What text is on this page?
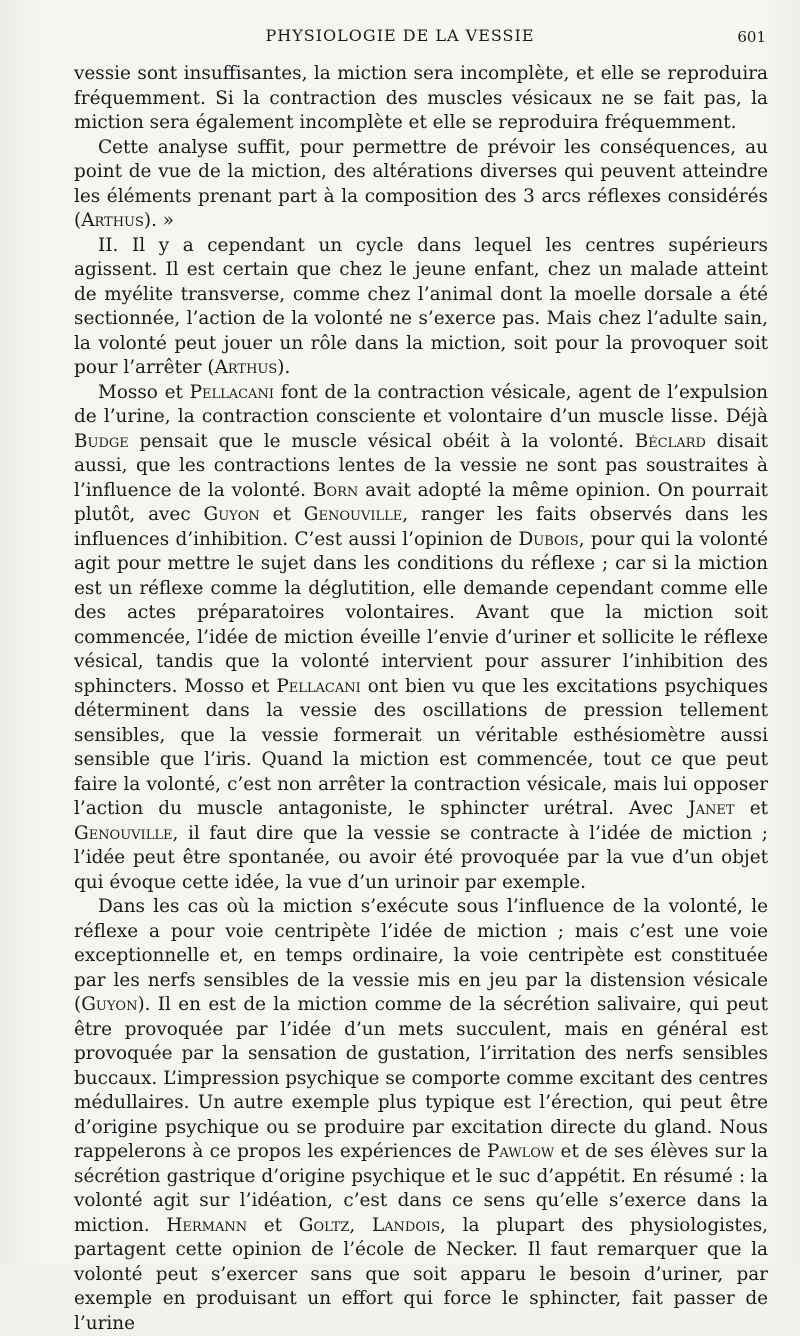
PHYSIOLOGIE DE LA VESSIE	601

vessie sont insuffisantes, la miction sera incomplète, et elle se reproduira fréquemment. Si la contraction des muscles vésicaux ne se fait pas, la miction sera également incomplète et elle se reproduira fréquemment.

Cette analyse suffit, pour permettre de prévoir les conséquences, au point de vue de la miction, des altérations diverses qui peuvent atteindre les éléments prenant part à la composition des 3 arcs réflexes considérés (Arthus). »

II. Il y a cependant un cycle dans lequel les centres supérieurs agissent. Il est certain que chez le jeune enfant, chez un malade atteint de myélite transverse, comme chez l’animal dont la moelle dorsale a été sectionnée, l’action de la volonté ne s’exerce pas. Mais chez l’adulte sain, la volonté peut jouer un rôle dans la miction, soit pour la provoquer soit pour l’arrêter (Arthus).

Mosso et Pellacani font de la contraction vésicale, agent de l’expulsion de l’urine, la contraction consciente et volontaire d’un muscle lisse. Déjà Budge pensait que le muscle vésical obéit à la volonté. Béclard disait aussi, que les contractions lentes de la vessie ne sont pas soustraites à l’influence de la volonté. Born avait adopté la même opinion. On pourrait plutôt, avec Guyon et Genouville, ranger les faits observés dans les influences d’inhibition. C’est aussi l’opinion de Dubois, pour qui la volonté agit pour mettre le sujet dans les conditions du réflexe ; car si la miction est un réflexe comme la déglutition, elle demande cependant comme elle des actes préparatoires volontaires. Avant que la miction soit commencée, l’idée de miction éveille l’envie d’uriner et sollicite le réflexe vésical, tandis que la volonté intervient pour assurer l’inhibition des sphincters. Mosso et Pellacani ont bien vu que les excitations psychiques déterminent dans la vessie des oscillations de pression tellement sensibles, que la vessie formerait un véritable esthésiomètre aussi sensible que l’iris. Quand la miction est commencée, tout ce que peut faire la volonté, c’est non arrêter la contraction vésicale, mais lui opposer l’action du muscle antagoniste, le sphincter urétral. Avec Janet et Genouville, il faut dire que la vessie se contracte à l’idée de miction ; l’idée peut être spontanée, ou avoir été provoquée par la vue d’un objet qui évoque cette idée, la vue d’un urinoir par exemple.

Dans les cas où la miction s’exécute sous l’influence de la volonté, le réflexe a pour voie centripète l’idée de miction ; mais c’est une voie exceptionnelle et, en temps ordinaire, la voie centripète est constituée par les nerfs sensibles de la vessie mis en jeu par la distension vésicale (Guyon). Il en est de la miction comme de la sécrétion salivaire, qui peut être provoquée par l’idée d’un mets succulent, mais en général est provoquée par la sensation de gustation, l’irritation des nerfs sensibles buccaux. L’impression psychique se comporte comme excitant des centres médullaires. Un autre exemple plus typique est l’érection, qui peut être d’origine psychique ou se produire par excitation directe du gland. Nous rappelerons à ce propos les expériences de Pawlow et de ses élèves sur la sécrétion gastrique d’origine psychique et le suc d’appétit. En résumé : la volonté agit sur l’idéation, c’est dans ce sens qu’elle s’exerce dans la miction. Hermann et Goltz, Landois, la plupart des physiologistes, partagent cette opinion de l’école de Necker. Il faut remarquer que la volonté peut s’exercer sans que soit apparu le besoin d’uriner, par exemple en produisant un effort qui force le sphincter, fait passer de l’urine
